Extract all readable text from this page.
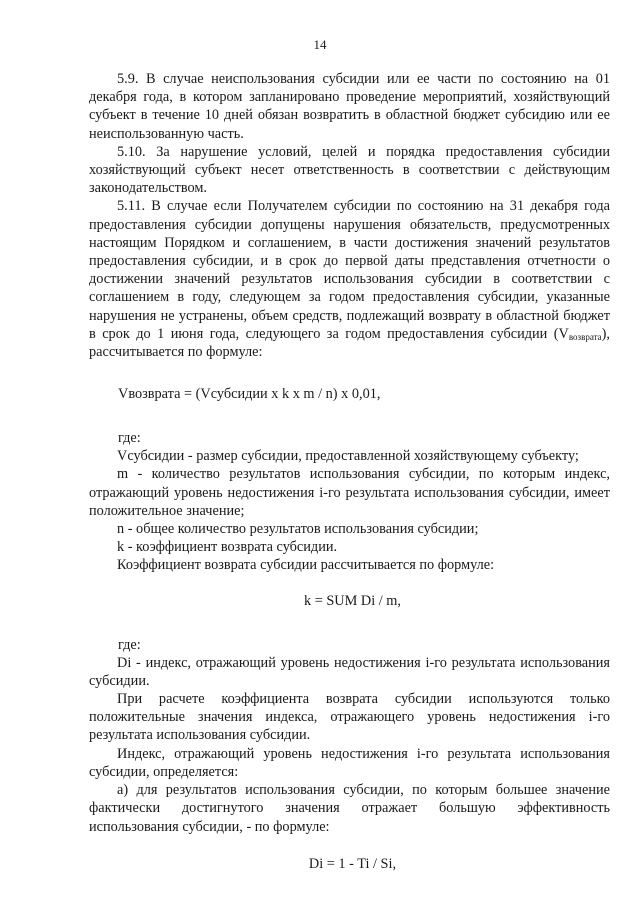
14

5.9. В случае неиспользования субсидии или ее части по состоянию на 01 декабря года, в котором запланировано проведение мероприятий, хозяйствующий субъект в течение 10 дней обязан возвратить в областной бюджет субсидию или ее неиспользованную часть.

5.10. За нарушение условий, целей и порядка предоставления субсидии хозяйствующий субъект несет ответственность в соответствии с действующим законодательством.

5.11. В случае если Получателем субсидии по состоянию на 31 декабря года предоставления субсидии допущены нарушения обязательств, предусмотренных настоящим Порядком и соглашением, в части достижения значений результатов предоставления субсидии, и в срок до первой даты представления отчетности о достижении значений результатов использования субсидии в соответствии с соглашением в году, следующем за годом предоставления субсидии, указанные нарушения не устранены, объем средств, подлежащий возврату в областной бюджет в срок до 1 июня года, следующего за годом предоставления субсидии $(V_{возврата})$, рассчитывается по формуле:

Vвозврата = (Vсубсидии x k x m / n) x 0,01,

где:

Vсубсидии - размер субсидии, предоставленной хозяйствующему субъекту;

m - количество результатов использования субсидии, по которым индекс, отражающий уровень недостижения i-го результата использования субсидии, имеет положительное значение;

n - общее количество результатов использования субсидии;

k - коэффициент возврата субсидии.

Коэффициент возврата субсидии рассчитывается по формуле:

k = SUM Di / m,

где:

Di - индекс, отражающий уровень недостижения i-го результата использования субсидии.

При расчете коэффициента возврата субсидии используются только положительные значения индекса, отражающего уровень недостижения i-го результата использования субсидии.

Индекс, отражающий уровень недостижения i-го результата использования субсидии, определяется:

а) для результатов использования субсидии, по которым большее значение фактически достигнутого значения отражает большую эффективность использования субсидии, - по формуле:

Di = 1 - Ti / Si,
